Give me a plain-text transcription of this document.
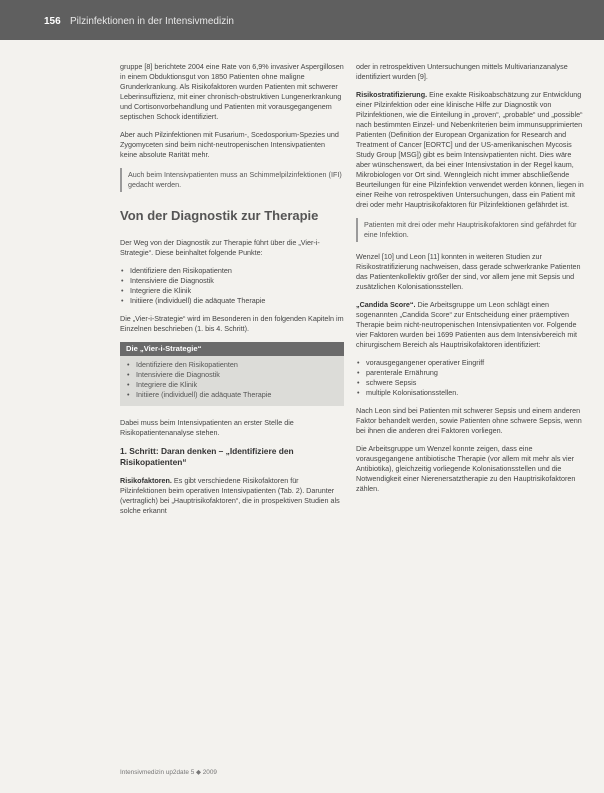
156 Pilzinfektionen in der Intensivmedizin

gruppe [8] berichtete 2004 eine Rate von 6,9% invasiver Aspergillosen in einem Obduktionsgut von 1850 Patienten ohne maligne Grunderkrankung. Als Risikofaktoren wurden Patienten mit schwerer Leberinsuffizienz, mit einer chronisch-obstruktiven Lungenerkrankung und Cortisonvorbehandlung und Patienten mit vorausgegangenem septischen Schock identifiziert.

Aber auch Pilzinfektionen mit Fusarium-, Scedosporium-Spezies und Zygomyceten sind beim nicht-neutropenischen Intensivpatienten keine absolute Rarität mehr.

Auch beim Intensivpatienten muss an Schimmelpilzinfektionen (IFI) gedacht werden.
Von der Diagnostik zur Therapie

Der Weg von der Diagnostik zur Therapie führt über die „Vier-i-Strategie“. Diese beinhaltet folgende Punkte:

• Identifiziere den Risikopatienten
• Intensiviere die Diagnostik
• Integriere die Klinik
• Initiiere (individuell) die adäquate Therapie

Die „Vier-i-Strategie“ wird im Besonderen in den folgenden Kapiteln im Einzelnen beschrieben (1. bis 4. Schritt).

Die „Vier-i-Strategie“
• Identifiziere den Risikopatienten
• Intensiviere die Diagnostik
• Integriere die Klinik
• Initiiere (individuell) die adäquate Therapie

Dabei muss beim Intensivpatienten an erster Stelle die Risikopatientenanalyse stehen.

1. Schritt: Daran denken – „Identifiziere den Risikopatienten“

Risikofaktoren. Es gibt verschiedene Risikofaktoren für Pilzinfektionen beim operativen Intensivpatienten (Tab. 2). Darunter (vertraglich) bei „Hauptrisikofaktoren“, die in prospektiven Studien als solche erkannt

oder in retrospektiven Untersuchungen mittels Multivarianzanalyse identifiziert wurden [9].

Risikostratifizierung. Eine exakte Risikoabschätzung zur Entwicklung einer Pilzinfektion oder eine klinische Hilfe zur Diagnostik von Pilzinfektionen, wie die Einteilung in „proven“, „probable“ und „possible“ nach bestimmten Einzel- und Nebenkriterien beim immunsupprimierten Patienten (Definition der European Organization for Research and Treatment of Cancer [EORTC] und der US-amerikanischen Mycosis Study Group [MSG]) gibt es beim Intensivpatienten nicht. Dies wäre aber wünschenswert, da bei einer Intensivstation in der Regel kaum, Mikrobiologen vor Ort sind. Wenngleich nicht immer abschließende Beurteilungen für eine Pilzinfektion verwendet werden können, liegen in einer Reihe von retrospektiven Untersuchungen, dass ein Patient mit drei oder mehr Hauptrisikofaktoren für Pilzinfektionen gefährdet ist.

Patienten mit drei oder mehr Hauptrisikofaktoren sind gefährdet für eine Infektion.

Wenzel [10] und Leon [11] konnten in weiteren Studien zur Risikostratifizierung nachweisen, dass gerade schwerkranke Patienten das Patientenkollektiv größer der sind, vor allem jene mit Sepsis und zusätzlichen Kolonisationsstellen.

„Candida Score“. Die Arbeitsgruppe um Leon schlägt einen sogenannten „Candida Score“ zur Entscheidung einer präemptiven Therapie beim nicht-neutropenischen Intensivpatienten vor. Folgende vier Faktoren wurden bei 1699 Patienten aus dem Intensivbereich mit chirurgischem Bereich als Hauptrisikofaktoren identifiziert:

• vorausgegangener operativer Eingriff
• parenterale Ernährung
• schwere Sepsis
• multiple Kolonisationsstellen.

Nach Leon sind bei Patienten mit schwerer Sepsis und einem anderen Faktor behandelt werden, sowie Patienten ohne schwere Sepsis, wenn bei ihnen die anderen drei Faktoren vorliegen.

Die Arbeitsgruppe um Wenzel konnte zeigen, dass eine vorausgegangene antibiotische Therapie (vor allem mit mehr als vier Antibiotika), gleichzeitig vorliegende Kolonisationsstellen und die Notwendigkeit einer Nierenersatztherapie zu den Hauptrisikofaktoren zählen.

Intensivmedizin up2date 5 ◆ 2009
